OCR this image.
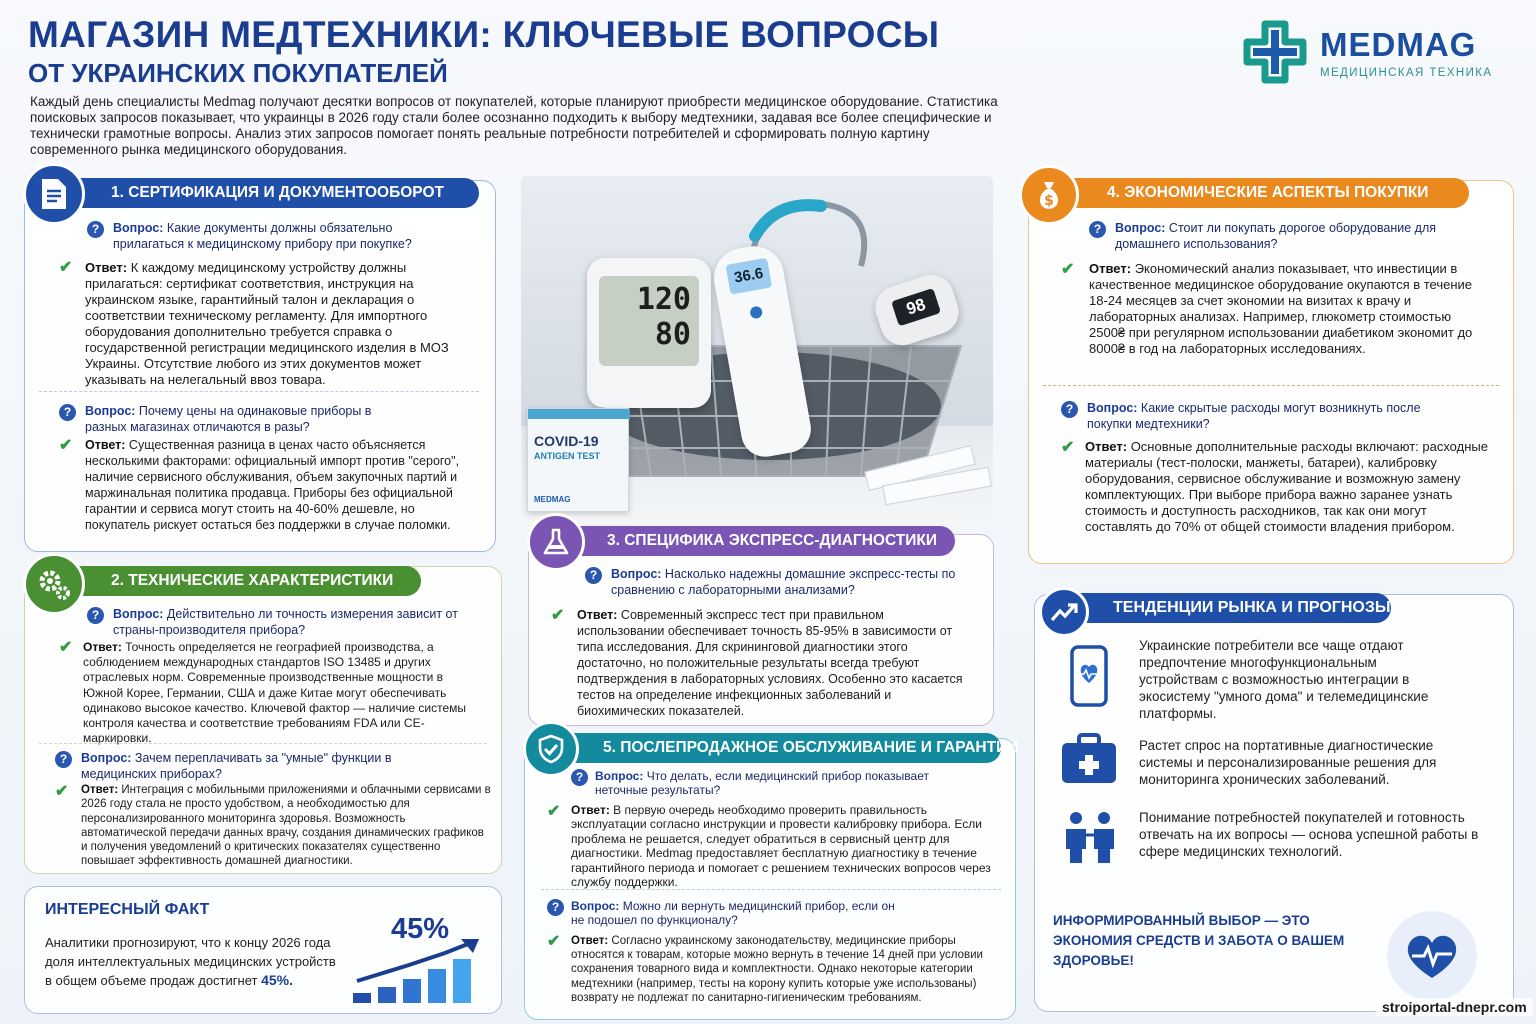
МАГАЗИН МЕДТЕХНИКИ: КЛЮЧЕВЫЕ ВОПРОСЫ
ОТ УКРАИНСКИХ ПОКУПАТЕЛЕЙ
Каждый день специалисты Medmag получают десятки вопросов от покупателей, которые планируют приобрести медицинское оборудование. Статистика поисковых запросов показывает, что украинцы в 2026 году стали более осознанно подходить к выбору медтехники, задавая все более специфические и технически грамотные вопросы. Анализ этих запросов помогает понять реальные потребности потребителей и сформировать полную картину современного рынка медицинского оборудования.
MEDMAG
МЕДИЦИНСКАЯ ТЕХНИКА
1. СЕРТИФИКАЦИЯ И ДОКУМЕНТООБОРОТ
?	Вопрос: Какие документы должны обязательно прилагаться к медицинскому прибору при покупке?
✔ Ответ: К каждому медицинскому устройству должны прилагаться: сертификат соответствия, инструкция на украинском языке, гарантийный талон и декларация о соответствии техническому регламенту. Для импортного оборудования дополнительно требуется справка о государственной регистрации медицинского изделия в МОЗ Украины. Отсутствие любого из этих документов может указывать на нелегальный ввоз товара.
?	Вопрос: Почему цены на одинаковые приборы в разных магазинах отличаются в разы?
✔ Ответ: Существенная разница в ценах часто объясняется несколькими факторами: официальный импорт против "серого", наличие сервисного обслуживания, объем закупочных партий и маржинальная политика продавца. Приборы без официальной гарантии и сервиса могут стоить на 40-60% дешевле, но покупатель рискует остаться без поддержки в случае поломки.
2. ТЕХНИЧЕСКИЕ ХАРАКТЕРИСТИКИ
?	Вопрос: Действительно ли точность измерения зависит от страны-производителя прибора?
✔ Ответ: Точность определяется не географией производства, а соблюдением международных стандартов ISO 13485 и других отраслевых норм. Современные производственные мощности в Южной Корее, Германии, США и даже Китае могут обеспечивать одинаково высокое качество. Ключевой фактор — наличие системы контроля качества и соответствие требованиям FDA или CE-маркировки.
?	Вопрос: Зачем переплачивать за "умные" функции в медицинских приборах?
✔ Ответ: Интеграция с мобильными приложениями и облачными сервисами в 2026 году стала не просто удобством, а необходимостью для персонализированного мониторинга здоровья. Возможность автоматической передачи данных врачу, создания динамических графиков и получения уведомлений о критических показателях существенно повышает эффективность домашней диагностики.
ИНТЕРЕСНЫЙ ФАКТ
Аналитики прогнозируют, что к концу 2026 года доля интеллектуальных медицинских устройств в общем объеме продаж достигнет 45%.
45%
120
80
36.6
98
COVID-19
ANTIGEN TEST
MEDMAG
3. СПЕЦИФИКА ЭКСПРЕСС-ДИАГНОСТИКИ
?	Вопрос: Насколько надежны домашние экспресс-тесты по сравнению с лабораторными анализами?
✔ Ответ: Современный экспресс тест при правильном использовании обеспечивает точность 85-95% в зависимости от типа исследования. Для скрининговой диагностики этого достаточно, но положительные результаты всегда требуют подтверждения в лабораторных условиях. Особенно это касается тестов на определение инфекционных заболеваний и биохимических показателей.
5. ПОСЛЕПРОДАЖНОЕ ОБСЛУЖИВАНИЕ И ГАРАНТИИ
? Вопрос: Что делать, если медицинский прибор показывает неточные результаты?
✔ Ответ: В первую очередь необходимо проверить правильность эксплуатации согласно инструкции и провести калибровку прибора. Если проблема не решается, следует обратиться в сервисный центр для диагностики. Medmag предоставляет бесплатную диагностику в течение гарантийного периода и помогает с решением технических вопросов через службу поддержки.
? Вопрос: Можно ли вернуть медицинский прибор, если он не подошел по функционалу?
✔ Ответ: Согласно украинскому законодательству, медицинские приборы относятся к товарам, которые можно вернуть в течение 14 дней при условии сохранения товарного вида и комплектности. Однако некоторые категории медтехники (например, тесты на корону купить которые уже использованы) возврату не подлежат по санитарно-гигиеническим требованиям.
4. ЭКОНОМИЧЕСКИЕ АСПЕКТЫ ПОКУПКИ
$
?	Вопрос: Стоит ли покупать дорогое оборудование для домашнего использования?
✔ Ответ: Экономический анализ показывает, что инвестиции в качественное медицинское оборудование окупаются в течение 18-24 месяцев за счет экономии на визитах к врачу и лабораторных анализах. Например, глюкометр стоимостью 2500₴ при регулярном использовании диабетиком экономит до 8000₴ в год на лабораторных исследованиях.
?	Вопрос: Какие скрытые расходы могут возникнуть после покупки медтехники?
✔ Ответ: Основные дополнительные расходы включают: расходные материалы (тест-полоски, манжеты, батареи), калибровку оборудования, сервисное обслуживание и возможную замену комплектующих. При выборе прибора важно заранее узнать стоимость и доступность расходников, так как они могут составлять до 70% от общей стоимости владения прибором.
ТЕНДЕНЦИИ РЫНКА И ПРОГНОЗЫ
Украинские потребители все чаще отдают предпочтение многофункциональным устройствам с возможностью интеграции в экосистему "умного дома" и телемедицинские платформы.
Растет спрос на портативные диагностические системы и персонализированные решения для мониторинга хронических заболеваний.
Понимание потребностей покупателей и готовность отвечать на их вопросы — основа успешной работы в сфере медицинских технологий.
ИНФОРМИРОВАННЫЙ ВЫБОР — ЭТО ЭКОНОМИЯ СРЕДСТВ И ЗАБОТА О ВАШЕМ ЗДОРОВЬЕ!
stroiportal-dnepr.com
